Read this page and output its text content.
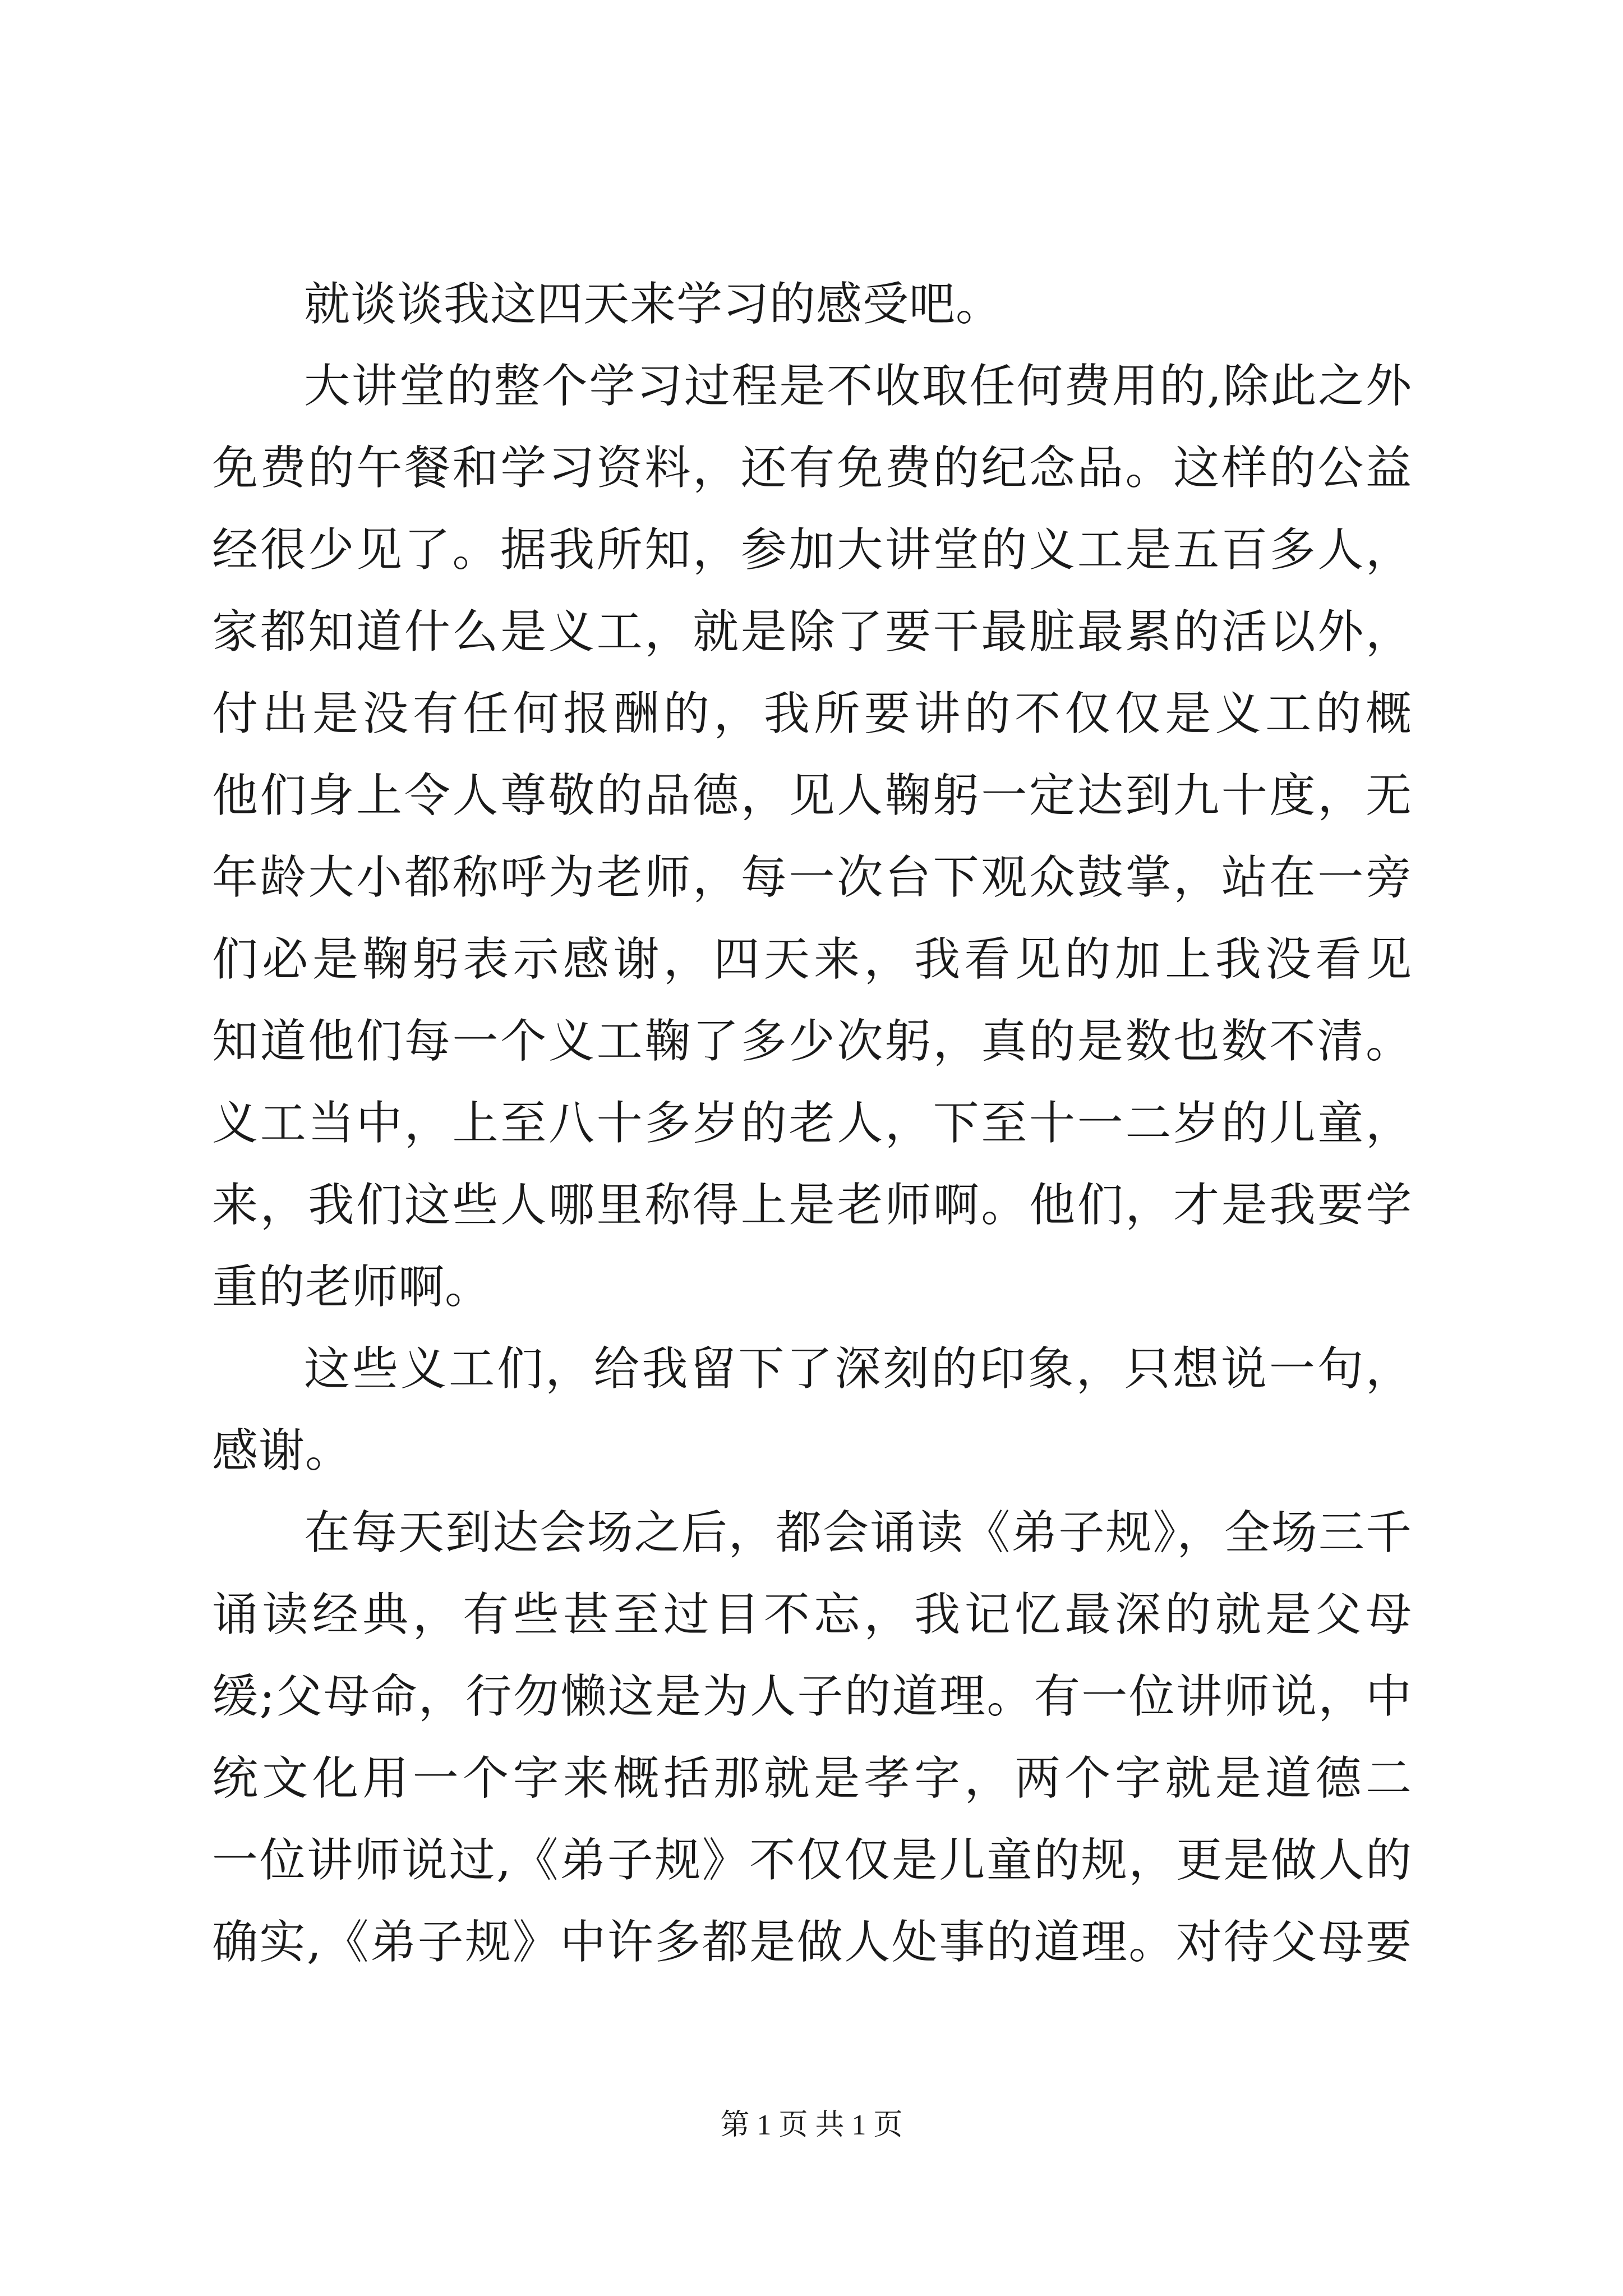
就谈谈我这四天来学习的感受吧。
大讲堂的整个学习过程是不收取任何费用的,除此之外
免费的午餐和学习资料，还有免费的纪念品。这样的公益
经很少见了。据我所知，参加大讲堂的义工是五百多人，
家都知道什么是义工，就是除了要干最脏最累的活以外，
付出是没有任何报酬的，我所要讲的不仅仅是义工的概
他们身上令人尊敬的品德，见人鞠躬一定达到九十度，无
年龄大小都称呼为老师，每一次台下观众鼓掌，站在一旁
们必是鞠躬表示感谢，四天来，我看见的加上我没看见
知道他们每一个义工鞠了多少次躬，真的是数也数不清。
义工当中，上至八十多岁的老人，下至十一二岁的儿童，
来，我们这些人哪里称得上是老师啊。他们，才是我要学
重的老师啊。
这些义工们，给我留下了深刻的印象，只想说一句，
感谢。
在每天到达会场之后，都会诵读《弟子规》，全场三千
诵读经典，有些甚至过目不忘，我记忆最深的就是父母
缓;父母命，行勿懒这是为人子的道理。有一位讲师说，中
统文化用一个字来概括那就是孝字，两个字就是道德二
一位讲师说过,《弟子规》不仅仅是儿童的规，更是做人的
确实,《弟子规》中许多都是做人处事的道理。对待父母要
第 1 页 共 1 页
